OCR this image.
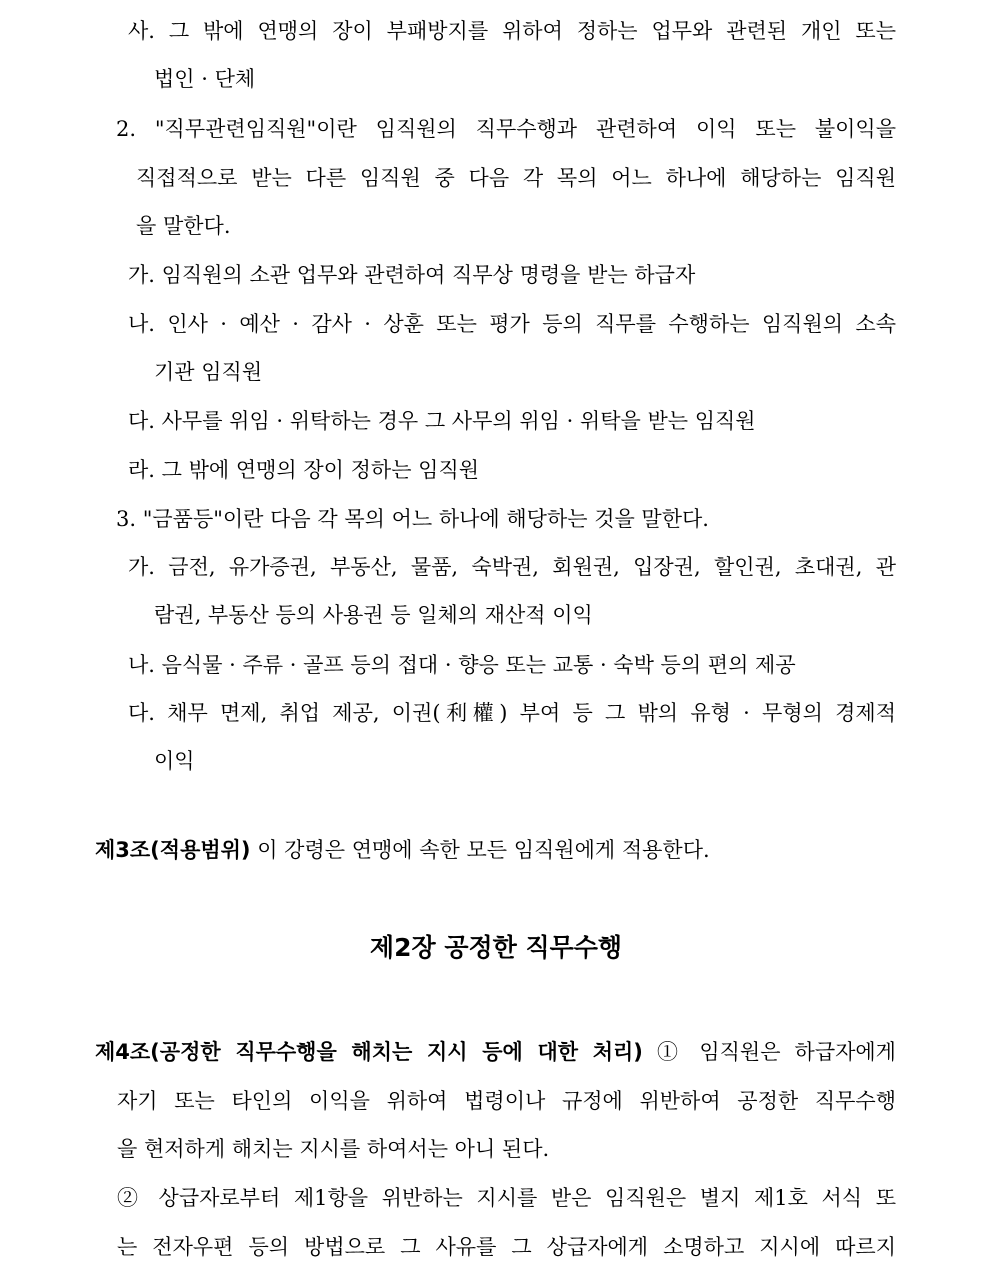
사. 그 밖에 연맹의 장이 부패방지를 위하여 정하는 업무와 관련된 개인 또는
법인 · 단체
2. "직무관련임직원"이란 임직원의 직무수행과 관련하여 이익 또는 불이익을
직접적으로 받는 다른 임직원 중 다음 각 목의 어느 하나에 해당하는 임직원
을 말한다.
가. 임직원의 소관 업무와 관련하여 직무상 명령을 받는 하급자
나. 인사 · 예산 · 감사 · 상훈 또는 평가 등의 직무를 수행하는 임직원의 소속
기관 임직원
다. 사무를 위임 · 위탁하는 경우 그 사무의 위임 · 위탁을 받는 임직원
라. 그 밖에 연맹의 장이 정하는 임직원
3. "금품등"이란 다음 각 목의 어느 하나에 해당하는 것을 말한다.
가. 금전, 유가증권, 부동산, 물품, 숙박권, 회원권, 입장권, 할인권, 초대권, 관
람권, 부동산 등의 사용권 등 일체의 재산적 이익
나. 음식물 · 주류 · 골프 등의 접대 · 향응 또는 교통 · 숙박 등의 편의 제공
다. 채무 면제, 취업 제공, 이권(利權) 부여 등 그 밖의 유형 · 무형의 경제적
이익
제3조(적용범위) 이 강령은 연맹에 속한 모든 임직원에게 적용한다.
제2장 공정한 직무수행
제4조(공정한 직무수행을 해치는 지시 등에 대한 처리) ① 임직원은 하급자에게
자기 또는 타인의 이익을 위하여 법령이나 규정에 위반하여 공정한 직무수행
을 현저하게 해치는 지시를 하여서는 아니 된다.
② 상급자로부터 제1항을 위반하는 지시를 받은 임직원은 별지 제1호 서식 또
는 전자우편 등의 방법으로 그 사유를 그 상급자에게 소명하고 지시에 따르지
